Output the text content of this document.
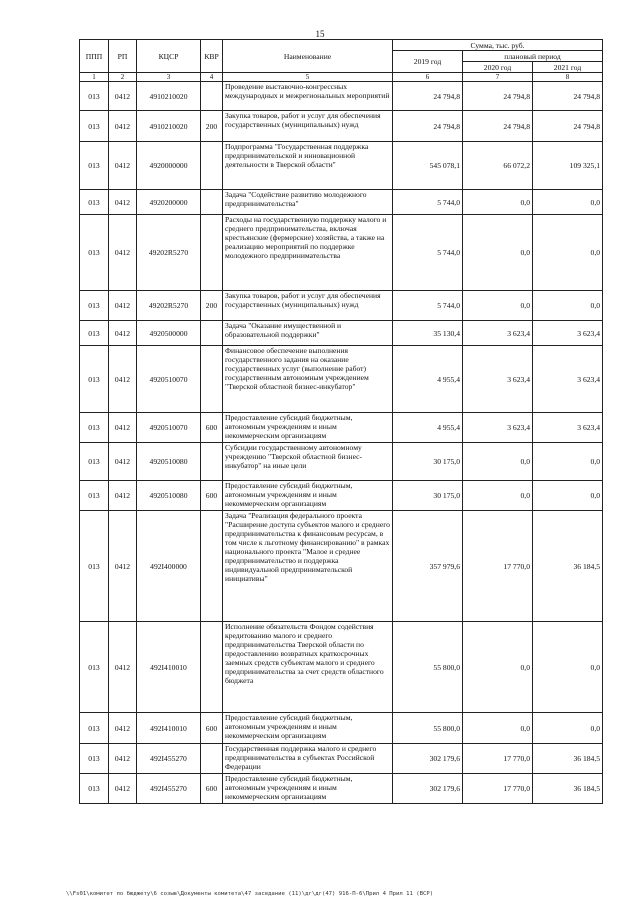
15
ППП	РП	КЦСР	КВР	Наименование	Сумма, тыс. руб.		
					2019 год	плановый период	
						2020 год	2021 год
1	2	3	4	5	6	7	8
013	0412	4910210020		Проведение выставочно-конгрессных международных и межрегиональных мероприятий	24 794,8	24 794,8	24 794,8
013	0412	4910210020	200	Закупка товаров, работ и услуг для обеспечения государственных (муниципальных) нужд	24 794,8	24 794,8	24 794,8
013	0412	4920000000		Подпрограмма "Государственная поддержка предпринимательской и инновационной деятельности в Тверской области"	545 078,1	66 072,2	109 325,1
013	0412	4920200000		Задача "Содействие развитию молодежного предпринимательства"	5 744,0	0,0	0,0
013	0412	49202R5270		Расходы на государственную поддержку малого и среднего предпринимательства, включая крестьянские (фермерские) хозяйства, а также на реализацию мероприятий по поддержке молодежного предпринимательства	5 744,0	0,0	0,0
013	0412	49202R5270	200	Закупка товаров, работ и услуг для обеспечения государственных (муниципальных) нужд	5 744,0	0,0	0,0
013	0412	4920500000		Задача "Оказание имущественной и образовательной поддержки"	35 130,4	3 623,4	3 623,4
013	0412	4920510070		Финансовое обеспечение выполнения государственного задания на оказание государственных услуг (выполнение работ) государственным автономным учреждением "Тверской областной бизнес-инкубатор"	4 955,4	3 623,4	3 623,4
013	0412	4920510070	600	Предоставление субсидий бюджетным, автономным учреждениям и иным некоммерческим организациям	4 955,4	3 623,4	3 623,4
013	0412	4920510080		Субсидии государственному автономному учреждению "Тверской областной бизнес-инкубатор" на иные цели	30 175,0	0,0	0,0
013	0412	4920510080	600	Предоставление субсидий бюджетным, автономным учреждениям и иным некоммерческим организациям	30 175,0	0,0	0,0
013	0412	492I400000		Задача "Реализация федерального проекта "Расширение доступа субъектов малого и среднего предпринимательства к финансовым ресурсам, в том числе к льготному финансированию" в рамках национального проекта "Малое и среднее предпринимательство и поддержка индивидуальной предпринимательской инициативы"	357 979,6	17 770,0	36 184,5
013	0412	492I410010		Исполнение обязательств Фондом содействия кредитованию малого и среднего предпринимательства Тверской области по предоставлению возвратных краткосрочных заемных средств субъектам малого и среднего предпринимательства за счет средств областного бюджета	55 800,0	0,0	0,0
013	0412	492I410010	600	Предоставление субсидий бюджетным, автономным учреждениям и иным некоммерческим организациям	55 800,0	0,0	0,0
013	0412	492I455270		Государственная поддержка малого и среднего предпринимательства в субъектах Российской Федерации	302 179,6	17 770,0	36 184,5
013	0412	492I455270	600	Предоставление субсидий бюджетным, автономным учреждениям и иным некоммерческим организациям	302 179,6	17 770,0	36 184,5
\\Fs01\комитет по бюджету\6 созыв\Документы комитета\47 заседание (11)\дг\дг(47) 916-П-6\Прил 4 Прил 11 (ВСР)
